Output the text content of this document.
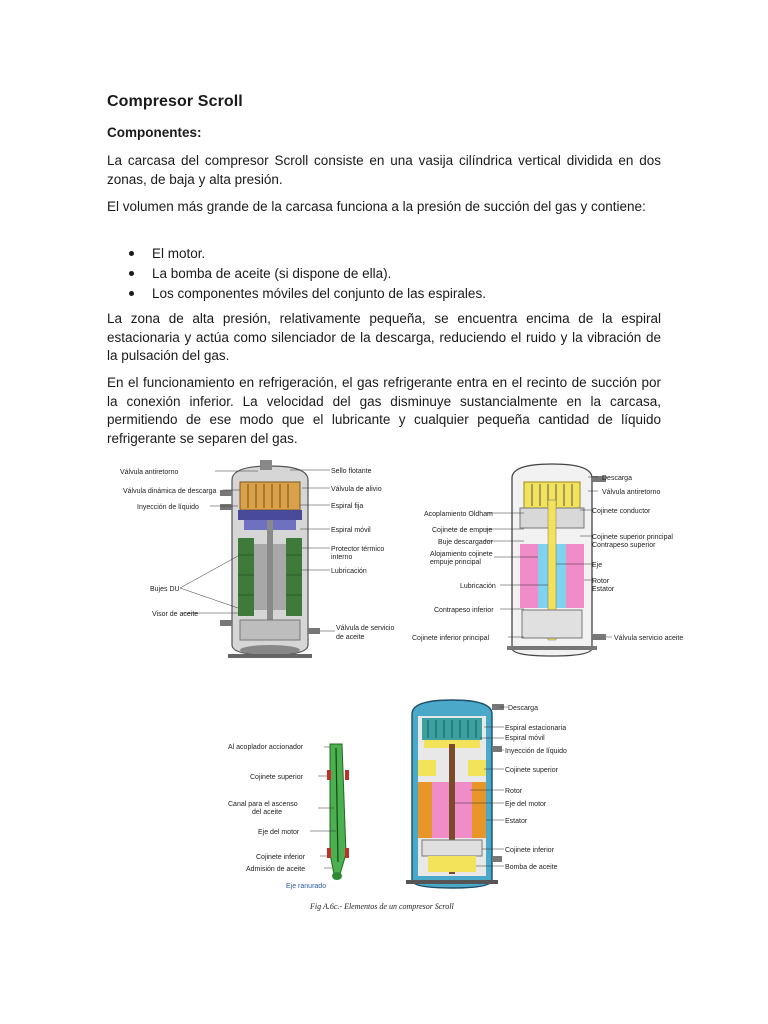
Compresor Scroll
Componentes:

La carcasa del compresor Scroll consiste en una vasija cilíndrica vertical dividida en dos zonas, de baja y alta presión.

El volumen más grande de la carcasa funciona a la presión de succión del gas y contiene:

El motor.
La bomba de aceite (si dispone de ella).
Los componentes móviles del conjunto de las espirales.

La zona de alta presión, relativamente pequeña, se encuentra encima de la espiral estacionaria y actúa como silenciador de la descarga, reduciendo el ruido y la vibración de la pulsación del gas.

En el funcionamiento en refrigeración, el gas refrigerante entra en el recinto de succión por la conexión inferior. La velocidad del gas disminuye sustancialmente en la carcasa, permitiendo de ese modo que el lubricante y cualquier pequeña cantidad de líquido refrigerante se separen del gas.

Válvula antiretorno
Válvula dinámica de descarga
Inyección de líquido
Bujes DU
Visor de aceite
Sello flotante
Válvula de alivio
Espiral fija
Espiral móvil
Protector térmico
interno
Lubricación
Válvula de servicio
de aceite
Acoplamiento Oldham
Cojinete de empuje
Buje descargador
Alojamiento cojinete
empuje principal
Lubricación
Contrapeso inferior
Cojinete inferior principal
Descarga
Válvula antiretorno
Cojinete conductor
Cojinete superior principal
Contrapeso superior
Eje
Rotor
Estator
Válvula servicio aceite
Al acoplador accionador
Cojinete superior
Canal para el ascenso
del aceite
Eje del motor
Cojinete inferior
Admisión de aceite
Eje ranurado
Descarga
Espiral estacionaria
Espiral móvil
Inyección de líquido
Cojinete superior
Rotor
Eje del motor
Estator
Cojinete inferior
Bomba de aceite

Fig A.6c.- Elementos de un compresor Scroll
